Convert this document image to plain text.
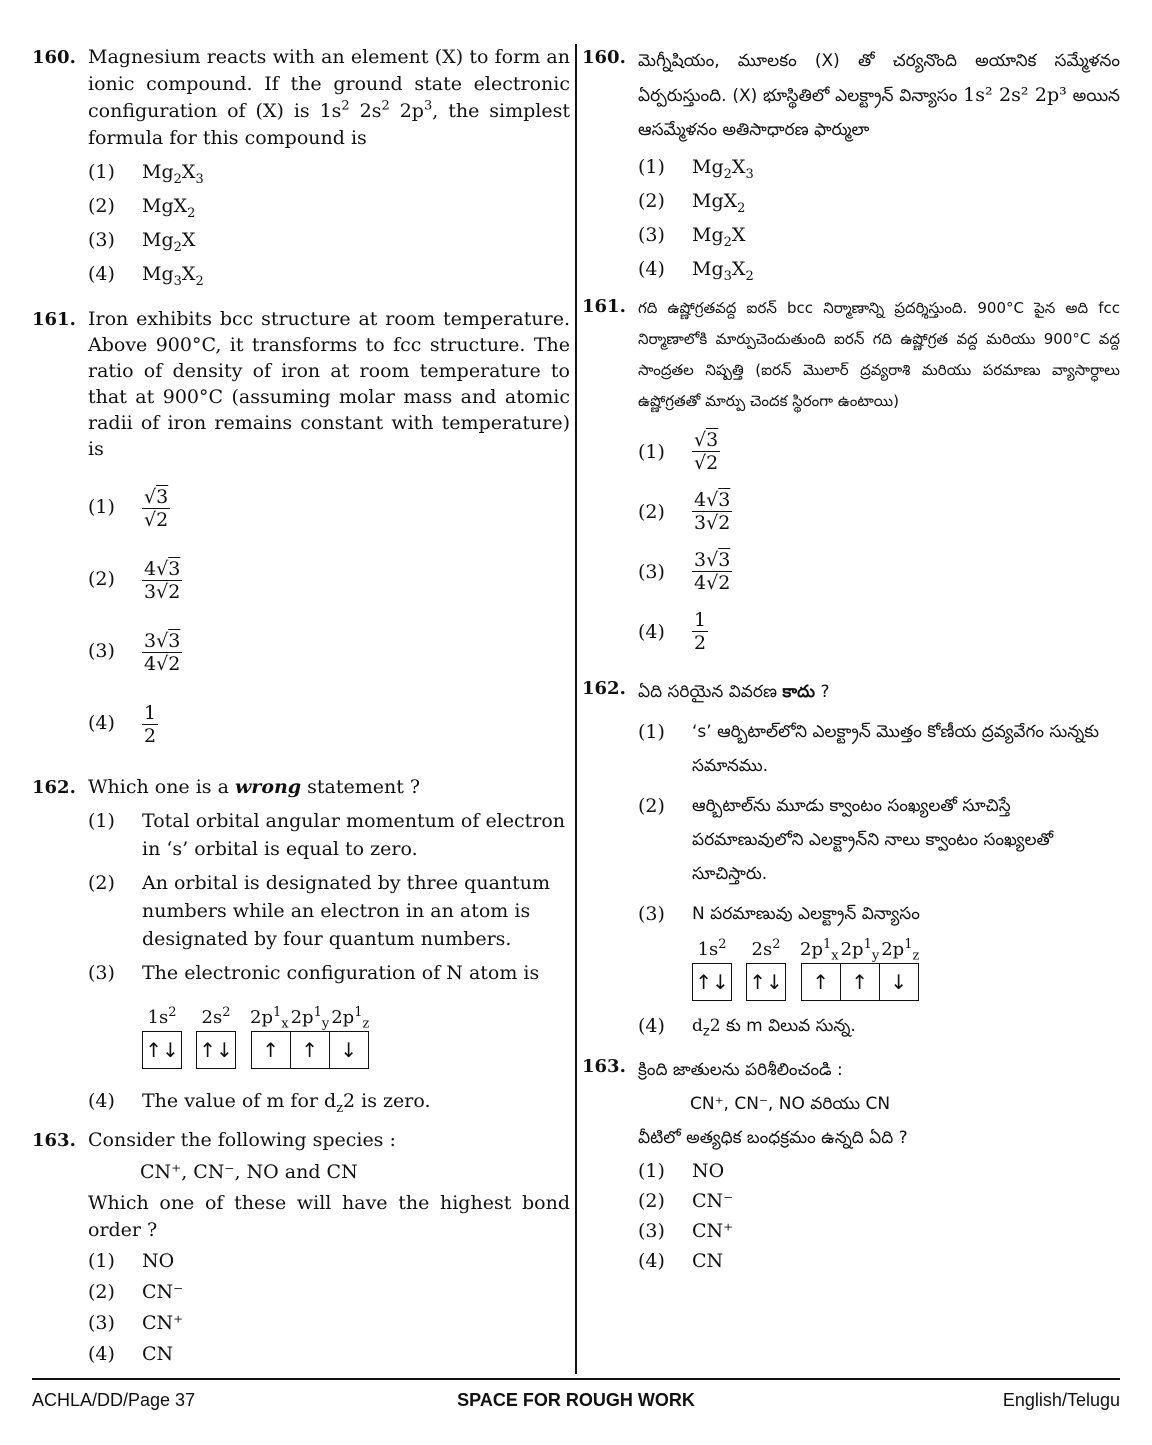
160. Magnesium reacts with an element (X) to form an ionic compound. If the ground state electronic configuration of (X) is $1s^2$ $2s^2$ $2p^3$, the simplest formula for this compound is
(1) $Mg_2X_3$
(2) MgX$_2$
(3) $Mg_2X$
(4) $Mg_3X_2$
161. Iron exhibits bcc structure at room temperature. Above 900°C, it transforms to fcc structure. The ratio of density of iron at room temperature to that at 900°C (assuming molar mass and atomic radii of iron remains constant with temperature) is
$(1) \frac{√3}{√2}$
$(2) \frac{4√3}{3√2}$
$(3) \frac{3√3}{4√2}$
$(4) \frac{1}{2}$
162. Which one is a wrong statement ?
(1) Total orbital angular momentum of electron in ‘s’ orbital is equal to zero.
(2) An orbital is designated by three quantum numbers while an electron in an atom is designated by four quantum numbers.
(3) The electronic configuration of N atom is
$1s^2$
↑↓
$2s^2$
↑↓
$2p^1_x$ $2p^1_y$ $2p^1_z$
↑	↑	↓
(4) The value of m for $d_z2$ is zero.
163. Consider the following species :
CN⁺, CN⁻, NO and CN
Which one of these will have the highest bond order ?
(1) NO
(2) CN⁻
(3) CN⁺
(4) CN
160. మెగ్నీషియం, మూలకం (X) తో చర్యనొంది అయానిక సమ్మేళనం ఏర్పరుస్తుంది. (X) భూస్థితిలో ఎలక్ట్రాన్ విన్యాసం 1s² 2s² 2p³ అయిన ఆసమ్మేళనం అతిసాధారణ ఫార్ములా
(1) $Mg_2X_3$
(2) MgX$_2$
(3) $Mg_2X$
(4) $Mg_3X_2$
161. గది ఉష్ణోగ్రతవద్ద ఐరన్ bcc నిర్మాణాన్ని ప్రదర్శిస్తుంది. 900°C పైన అది fcc నిర్మాణాలోకి మార్పుచెందుతుంది ఐరన్ గది ఉష్ణోగ్రత వద్ద మరియు 900°C వద్ద సాంద్రతల నిష్పత్తి (ఐరన్ మొలార్ ద్రవ్యరాశి మరియు పరమాణు వ్యాసార్ధాలు ఉష్ణోగ్రతతో మార్పు చెందక స్థిరంగా ఉంటాయి)
$(1) \frac{√3}{√2}$
$(2) \frac{4√3}{3√2}$
$(3) \frac{3√3}{4√2}$
$(4) \frac{1}{2}$
162. ఏది సరియైన వివరణ కాదు ?
(1) ‘s’ ఆర్బిటాల్‌లోని ఎలక్ట్రాన్ మొత్తం కోణీయ ద్రవ్యవేగం సున్నకు సమానము.
(2) ఆర్బిటాల్‌ను మూడు క్వాంటం సంఖ్యలతో సూచిస్తే పరమాణువులోని ఎలక్ట్రాన్‌ని నాలు క్వాంటం సంఖ్యలతో సూచిస్తారు.
(3) N పరమాణువు ఎలక్ట్రాన్ విన్యాసం
$1s^2$
↑↓
$2s^2$
↑↓
$2p^1_x$ $2p^1_y$ $2p^1_z$
↑	↑	↓
(4) $d_z2$ కు m విలువ సున్న.
163. క్రింది జాతులను పరిశీలించండి :
CN⁺, CN⁻, NO వరియు CN
వీటిలో అత్యధిక బంధక్రమం ఉన్నది ఏది ?
(1) NO
(2) CN⁻
(3) CN⁺
(4) CN
ACHLA/DD/Page 37	SPACE FOR ROUGH WORK	English/Telugu
